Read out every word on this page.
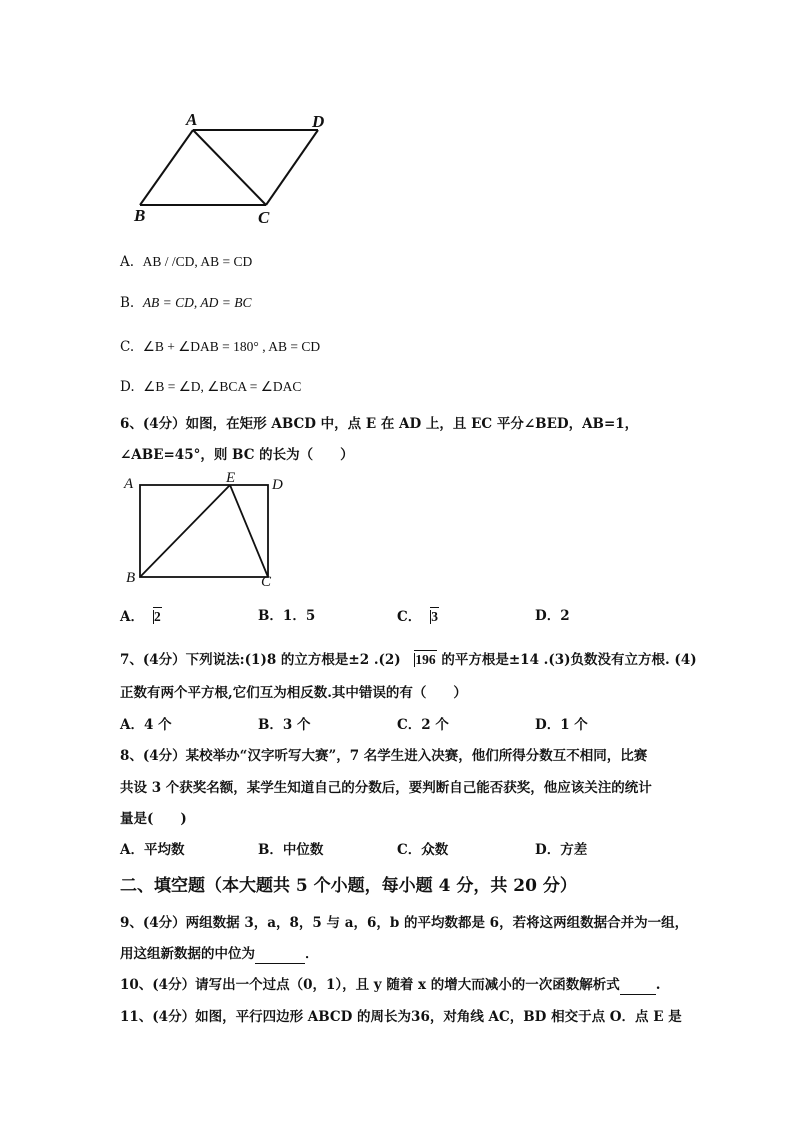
A	D
B	C
A. AB / /CD, AB = CD
B. AB = CD, AD = BC
C. ∠B + ∠DAB = 180° , AB = CD
D. ∠B = ∠D, ∠BCA = ∠DAC
6、(4分）如图，在矩形 ABCD 中，点 E 在 AD 上，且 EC 平分∠BED，AB=1，
∠ABE=45°，则 BC 的长为（　　）
A	E D
B	C
A． 2	B．1．5	C． 3	D．2
7、(4分）下列说法:(1)8 的立方根是±2 .(2) 196 的平方根是±14 .(3)负数没有立方根. (4)
正数有两个平方根,它们互为相反数.其中错误的有（　　）
A．4 个	B．3 个	C．2 个	D．1 个
8、(4分）某校举办“汉字听写大赛”，7 名学生进入决赛，他们所得分数互不相同，比赛
共设 3 个获奖名额，某学生知道自己的分数后，要判断自己能否获奖，他应该关注的统计
量是(　　)
A．平均数	B．中位数	C．众数	D．方差
二、填空题（本大题共 5 个小题，每小题 4 分，共 20 分）
9、(4分）两组数据 3，a，8，5 与 a，6，b 的平均数都是 6，若将这两组数据合并为一组，
用这组新数据的中位为	．
10、(4分）请写出一个过点（0，1），且 y 随着 x 的增大而减小的一次函数解析式	.
11、(4分）如图，平行四边形 ABCD 的周长为36，对角线 AC，BD 相交于点 O．点 E 是
